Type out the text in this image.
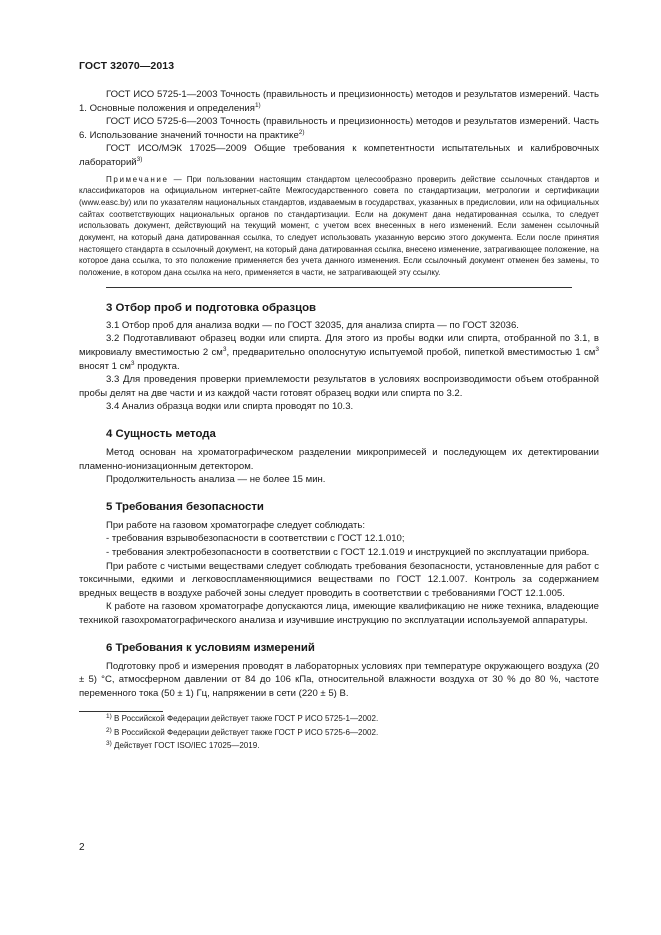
ГОСТ 32070—2013

ГОСТ ИСО 5725-1—2003 Точность (правильность и прецизионность) методов и результатов измерений. Часть 1. Основные положения и определения$^{1)}$

ГОСТ ИСО 5725-6—2003 Точность (правильность и прецизионность) методов и результатов измерений. Часть 6. Использование значений точности на практике$^{2)}$

ГОСТ ИСО/МЭК 17025—2009 Общие требования к компетентности испытательных и калибровочных лабораторий$^{3)}$

Примечание — При пользовании настоящим стандартом целесообразно проверить действие ссылочных стандартов и классификаторов на официальном интернет-сайте Межгосударственного совета по стандартизации, метрологии и сертификации (www.easc.by) или по указателям национальных стандартов, издаваемым в государствах, указанных в предисловии, или на официальных сайтах соответствующих национальных органов по стандартизации. Если на документ дана недатированная ссылка, то следует использовать документ, действующий на текущий момент, с учетом всех внесенных в него изменений. Если заменен ссылочный документ, на который дана датированная ссылка, то следует использовать указанную версию этого документа. Если после принятия настоящего стандарта в ссылочный документ, на который дана датированная ссылка, внесено изменение, затрагивающее положение, на которое дана ссылка, то это положение применяется без учета данного изменения. Если ссылочный документ отменен без замены, то положение, в котором дана ссылка на него, применяется в части, не затрагивающей эту ссылку.

3 Отбор проб и подготовка образцов

3.1 Отбор проб для анализа водки — по ГОСТ 32035, для анализа спирта — по ГОСТ 32036.

3.2 Подготавливают образец водки или спирта. Для этого из пробы водки или спирта, отобранной по 3.1, в микровиалу вместимостью 2 $см^3$, предварительно ополоснутую испытуемой пробой, пипеткой вместимостью 1 $см^3$ вносят 1 $см^3$ продукта.

3.3 Для проведения проверки приемлемости результатов в условиях воспроизводимости объем отобранной пробы делят на две части и из каждой части готовят образец водки или спирта по 3.2.

3.4 Анализ образца водки или спирта проводят по 10.3.

4 Сущность метода

Метод основан на хроматографическом разделении микропримесей и последующем их детектировании пламенно-ионизационным детектором.

Продолжительность анализа — не более 15 мин.

5 Требования безопасности

При работе на газовом хроматографе следует соблюдать:

- требования взрывобезопасности в соответствии с ГОСТ 12.1.010;

- требования электробезопасности в соответствии с ГОСТ 12.1.019 и инструкцией по эксплуатации прибора.

При работе с чистыми веществами следует соблюдать требования безопасности, установленные для работ с токсичными, едкими и легковоспламеняющимися веществами по ГОСТ 12.1.007. Контроль за содержанием вредных веществ в воздухе рабочей зоны следует проводить в соответствии с требованиями ГОСТ 12.1.005.

К работе на газовом хроматографе допускаются лица, имеющие квалификацию не ниже техника, владеющие техникой газохроматографического анализа и изучившие инструкцию по эксплуатации используемой аппаратуры.

6 Требования к условиям измерений

Подготовку проб и измерения проводят в лабораторных условиях при температуре окружающего воздуха (20 ± 5) °С, атмосферном давлении от 84 до 106 кПа, относительной влажности воздуха от 30 % до 80 %, частоте переменного тока (50 ± 1) Гц, напряжении в сети (220 ± 5) В.

$^{1)}$ В Российской Федерации действует также ГОСТ Р ИСО 5725-1—2002.

$^{2)}$ В Российской Федерации действует также ГОСТ Р ИСО 5725-6—2002.

$^{3)}$ Действует ГОСТ ISO/IEC 17025—2019.

2
